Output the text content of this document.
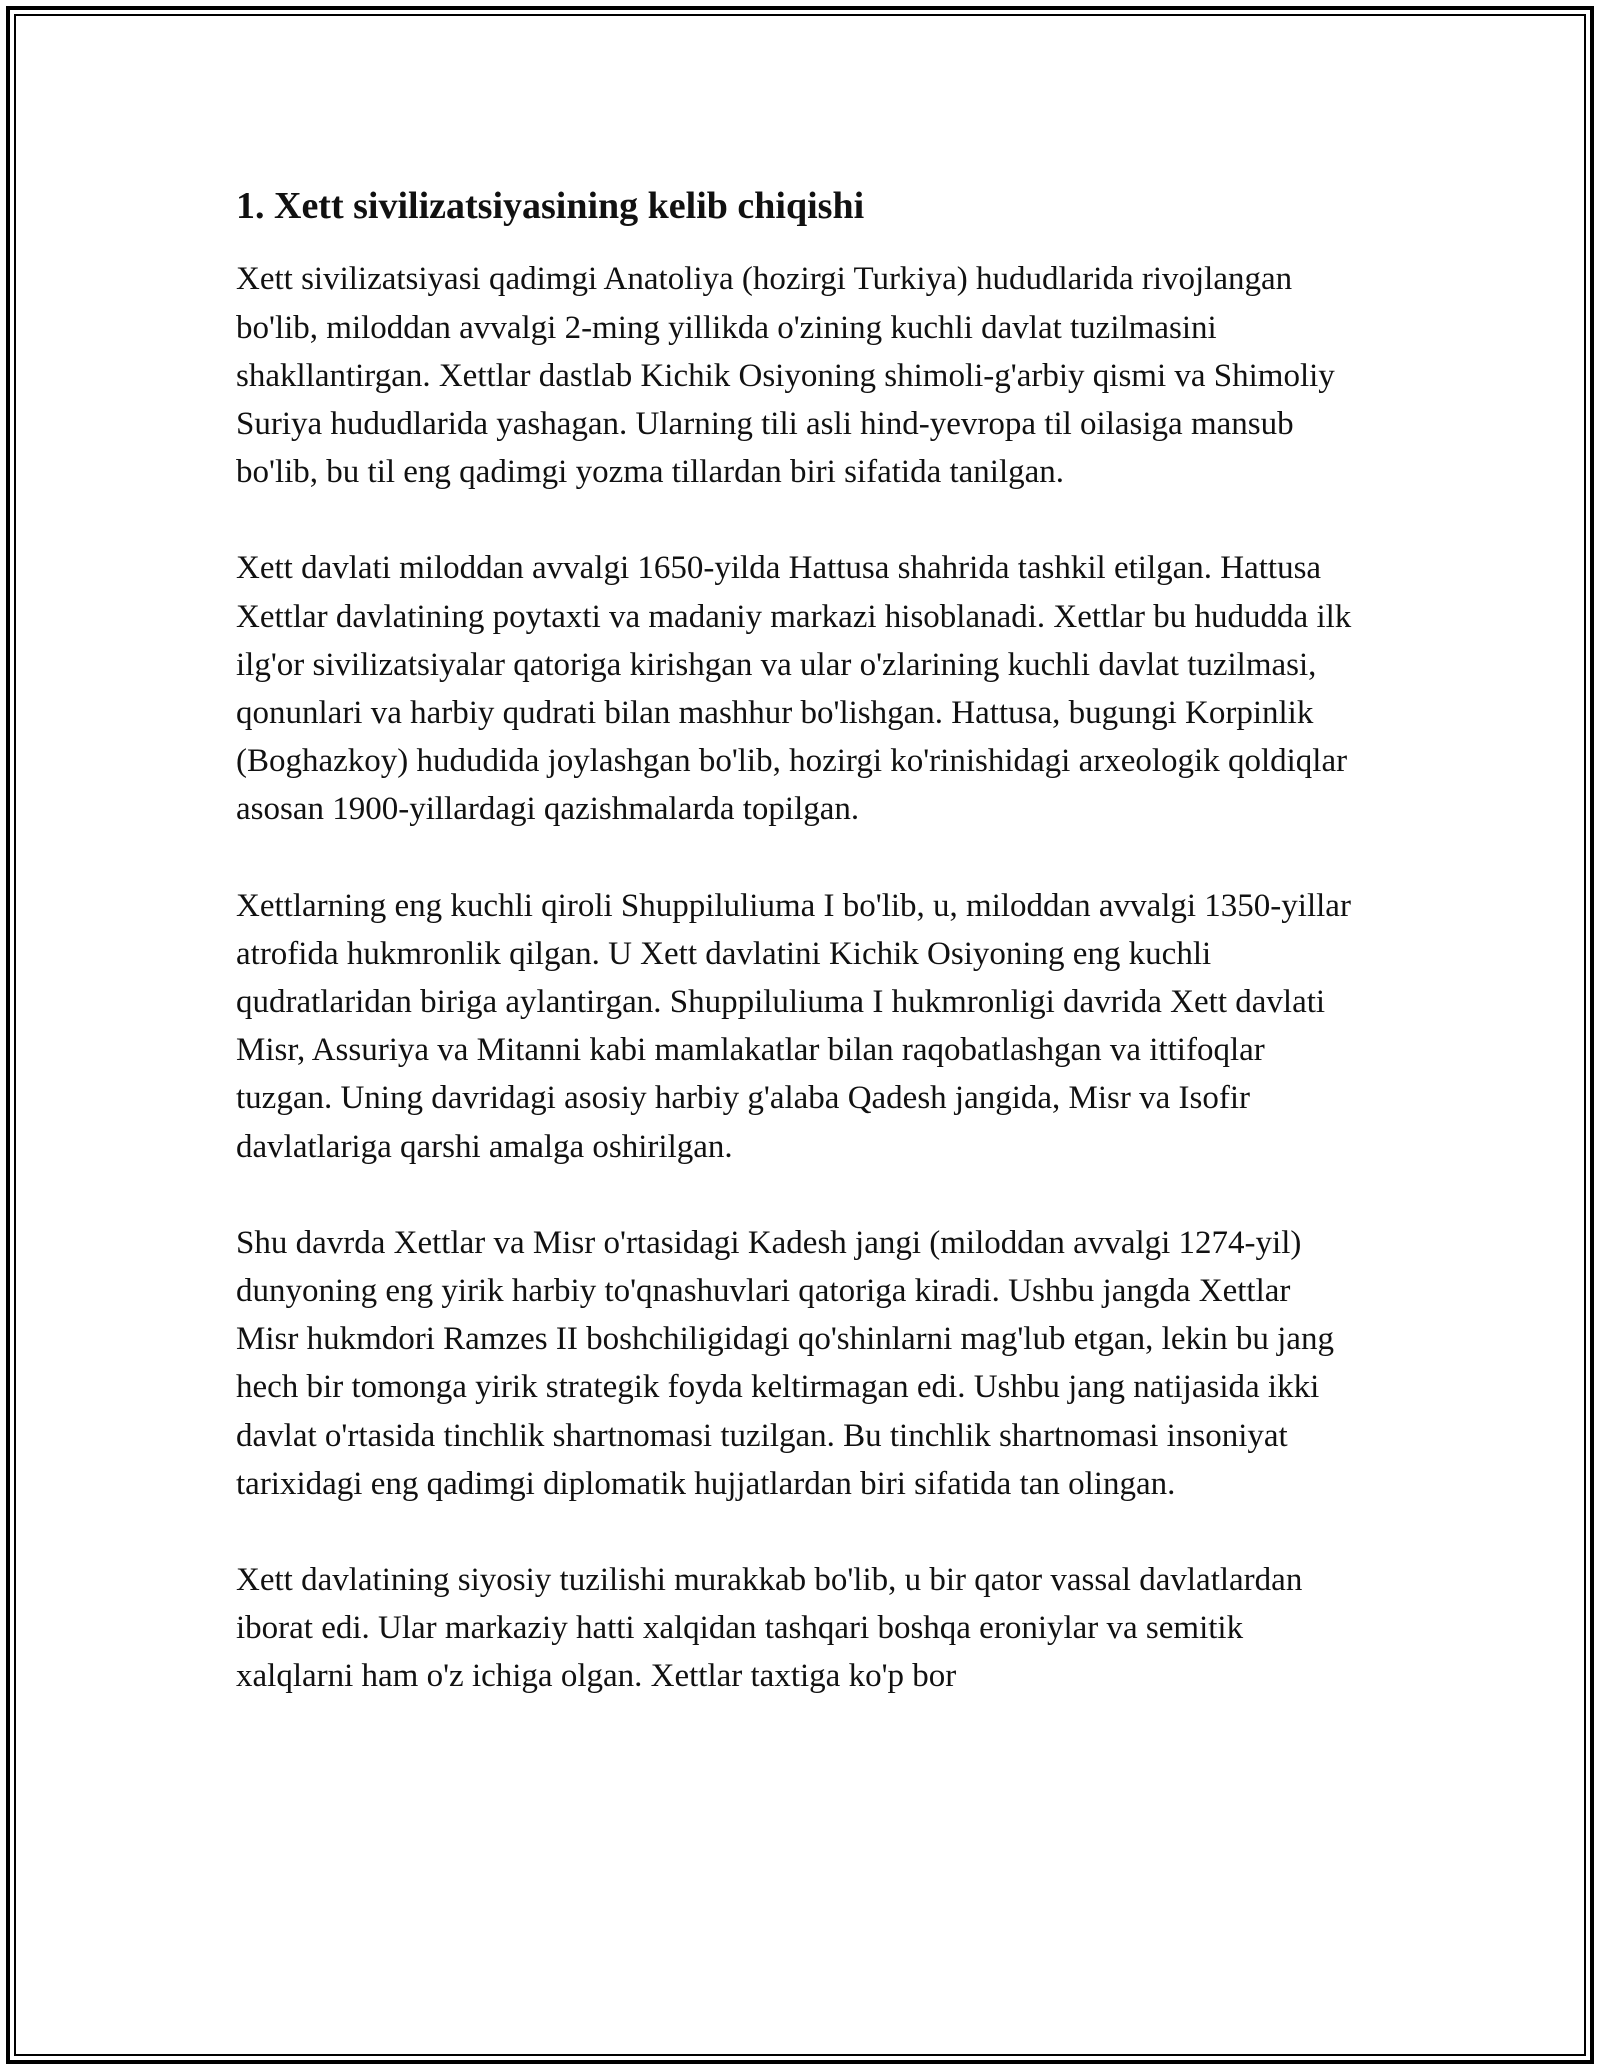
1. Xett sivilizatsiyasining kelib chiqishi

Xett sivilizatsiyasi qadimgi Anatoliya (hozirgi Turkiya) hududlarida rivojlangan bo'lib, miloddan avvalgi 2-ming yillikda o'zining kuchli davlat tuzilmasini shakllantirgan. Xettlar dastlab Kichik Osiyoning shimoli-g'arbiy qismi va Shimoliy Suriya hududlarida yashagan. Ularning tili asli hind-yevropa til oilasiga mansub bo'lib, bu til eng qadimgi yozma tillardan biri sifatida tanilgan.

Xett davlati miloddan avvalgi 1650-yilda Hattusa shahrida tashkil etilgan. Hattusa Xettlar davlatining poytaxti va madaniy markazi hisoblanadi. Xettlar bu hududda ilk ilg'or sivilizatsiyalar qatoriga kirishgan va ular o'zlarining kuchli davlat tuzilmasi, qonunlari va harbiy qudrati bilan mashhur bo'lishgan. Hattusa, bugungi Korpinlik (Boghazkoy) hududida joylashgan bo'lib, hozirgi ko'rinishidagi arxeologik qoldiqlar asosan 1900-yillardagi qazishmalarda topilgan.

Xettlarning eng kuchli qiroli Shuppiluliuma I bo'lib, u, miloddan avvalgi 1350-yillar atrofida hukmronlik qilgan. U Xett davlatini Kichik Osiyoning eng kuchli qudratlaridan biriga aylantirgan. Shuppiluliuma I hukmronligi davrida Xett davlati Misr, Assuriya va Mitanni kabi mamlakatlar bilan raqobatlashgan va ittifoqlar tuzgan. Uning davridagi asosiy harbiy g'alaba Qadesh jangida, Misr va Isofir davlatlariga qarshi amalga oshirilgan.

Shu davrda Xettlar va Misr o'rtasidagi Kadesh jangi (miloddan avvalgi 1274-yil) dunyoning eng yirik harbiy to'qnashuvlari qatoriga kiradi. Ushbu jangda Xettlar Misr hukmdori Ramzes II boshchiligidagi qo'shinlarni mag'lub etgan, lekin bu jang hech bir tomonga yirik strategik foyda keltirmagan edi. Ushbu jang natijasida ikki davlat o'rtasida tinchlik shartnomasi tuzilgan. Bu tinchlik shartnomasi insoniyat tarixidagi eng qadimgi diplomatik hujjatlardan biri sifatida tan olingan.

Xett davlatining siyosiy tuzilishi murakkab bo'lib, u bir qator vassal davlatlardan iborat edi. Ular markaziy hatti xalqidan tashqari boshqa eroniylar va semitik xalqlarni ham o'z ichiga olgan. Xettlar taxtiga ko'p bor
